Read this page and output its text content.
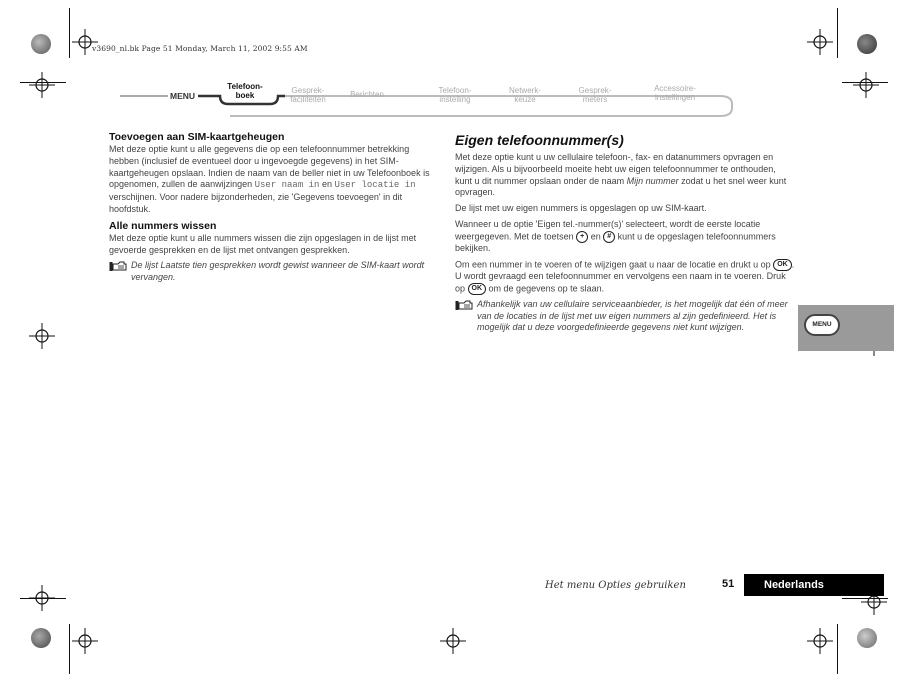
v3690_nl.bk Page 51 Monday, March 11, 2002 9:55 AM
MENU
Telefoon-
boek
Gesprek-
faciliteiten
Berichten	Telefoon-
instelling
Netwerk-
keuze
Gesprek-
meters
Accessoire-
instellingen
Toevoegen aan SIM-kaartgeheugen

Met deze optie kunt u alle gegevens die op een telefoonnummer betrekking hebben (inclusief de eventueel door u ingevoegde gegevens) in het SIM-kaartgeheugen opslaan. Indien de naam van de beller niet in uw Telefoonboek is opgenomen, zullen de aanwijzingen User naam in en User locatie in verschijnen. Voor nadere bijzonderheden, zie 'Gegevens toevoegen' in dit hoofdstuk.

Alle nummers wissen

Met deze optie kunt u alle nummers wissen die zijn opgeslagen in de lijst met gevoerde gesprekken en de lijst met ontvangen gesprekken.

De lijst Laatste tien gesprekken wordt gewist wanneer de SIM-kaart wordt vervangen.

Eigen telefoonnummer(s)

Met deze optie kunt u uw cellulaire telefoon-, fax- en datanummers opvragen en wijzigen. Als u bijvoorbeeld moeite hebt uw eigen telefoonnummer te onthouden, kunt u dit nummer opslaan onder de naam Mijn nummer zodat u het snel weer kunt opvragen.

De lijst met uw eigen nummers is opgeslagen op uw SIM-kaart.

Wanneer u de optie 'Eigen tel.-nummer(s)' selecteert, wordt de eerste locatie weergegeven. Met de toetsen + en # kunt u de opgeslagen telefoonnummers bekijken.

Om een nummer in te voeren of te wijzigen gaat u naar de locatie en drukt u op OK . U wordt gevraagd een telefoonnummer en vervolgens een naam in te voeren. Druk op OK om de gegevens op te slaan.

Afhankelijk van uw cellulaire serviceaanbieder, is het mogelijk dat één of meer van de locaties in de lijst met uw eigen nummers al zijn gedefinieerd. Het is mogelijk dat u deze voorgedefinieerde gegevens niet kunt wijzigen.	MENU
Het menu Opties gebruiken	51	Nederlands
